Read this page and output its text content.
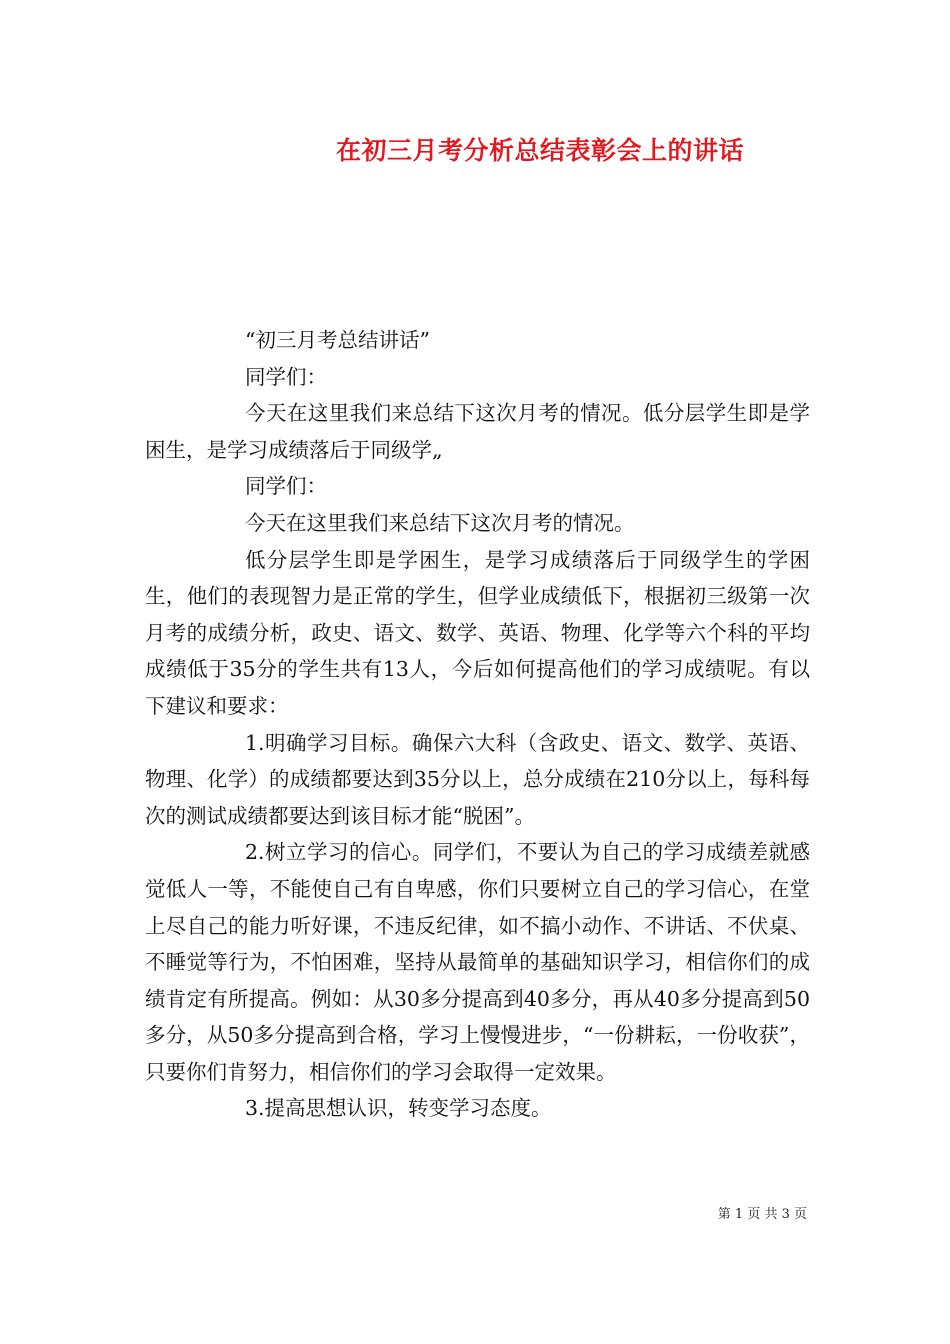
在初三月考分析总结表彰会上的讲话

“初三月考总结讲话”

同学们：

今天在这里我们来总结下这次月考的情况。低分层学生即是学困生，是学习成绩落后于同级学„

同学们：

今天在这里我们来总结下这次月考的情况。

低分层学生即是学困生，是学习成绩落后于同级学生的学困生，他们的表现智力是正常的学生，但学业成绩低下，根据初三级第一次月考的成绩分析，政史、语文、数学、英语、物理、化学等六个科的平均成绩低于35分的学生共有13人，今后如何提高他们的学习成绩呢。有以下建议和要求：

1.明确学习目标。确保六大科（含政史、语文、数学、英语、物理、化学）的成绩都要达到35分以上，总分成绩在210分以上，每科每次的测试成绩都要达到该目标才能“脱困”。

2.树立学习的信心。同学们，不要认为自己的学习成绩差就感觉低人一等，不能使自己有自卑感，你们只要树立自己的学习信心，在堂上尽自己的能力听好课，不违反纪律，如不搞小动作、不讲话、不伏桌、不睡觉等行为，不怕困难，坚持从最简单的基础知识学习，相信你们的成绩肯定有所提高。例如：从30多分提高到40多分，再从40多分提高到50多分，从50多分提高到合格，学习上慢慢进步，“一份耕耘，一份收获”，只要你们肯努力，相信你们的学习会取得一定效果。

3.提高思想认识，转变学习态度。

第 1 页 共 3 页
